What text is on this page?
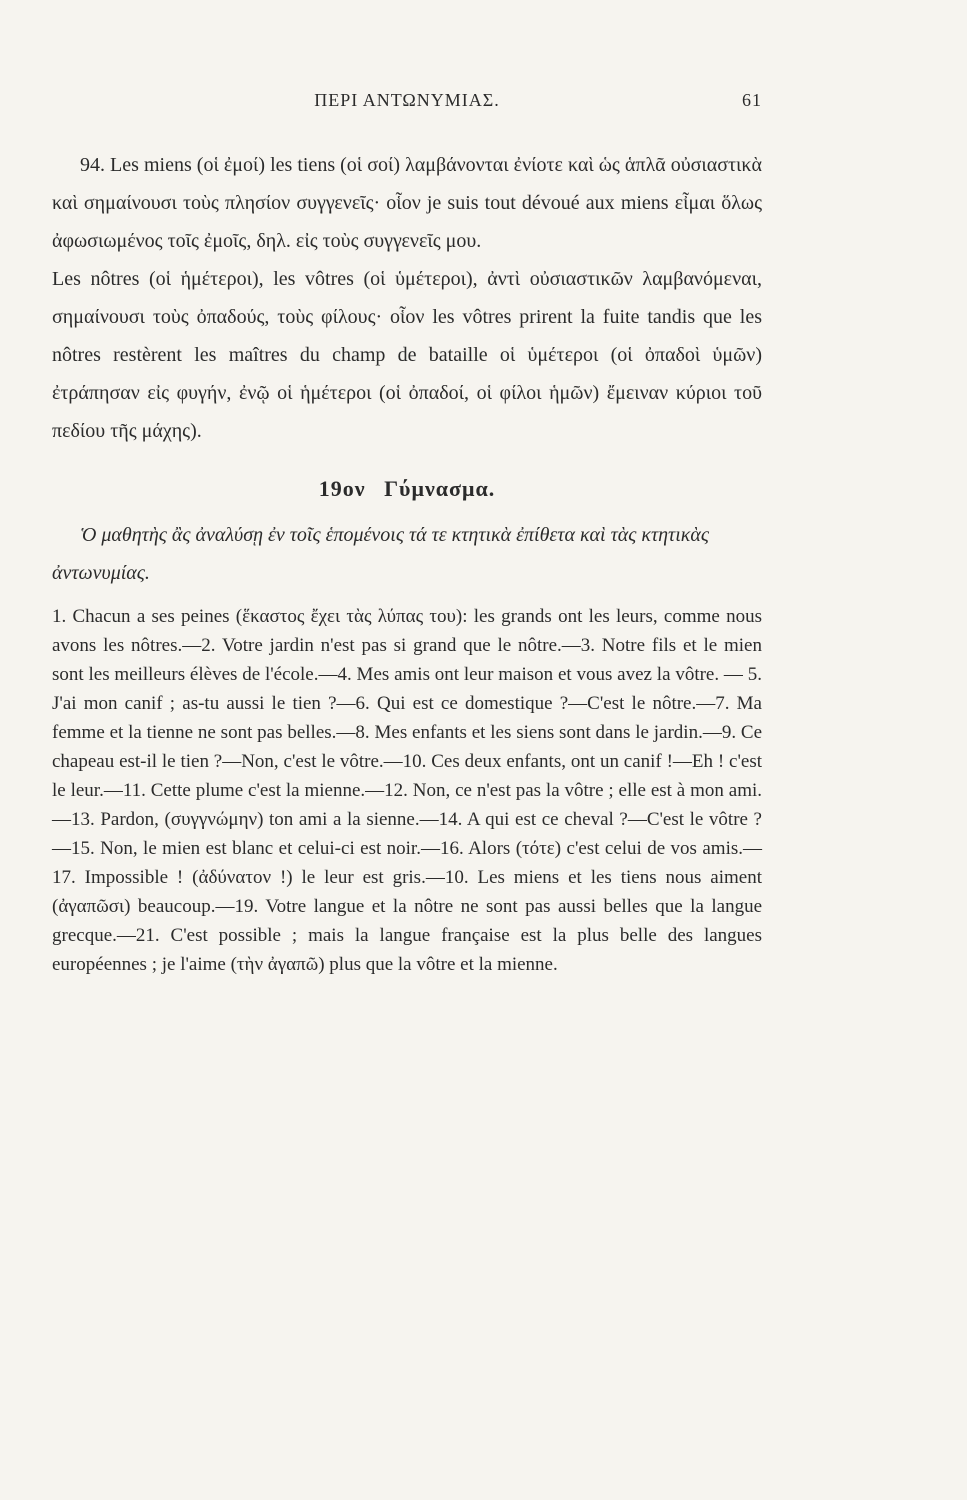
ΠΕΡΙ ΑΝΤΩΝΥΜΙΑΣ.	61

94. Les miens (οἱ ἐμοί) les tiens (οἱ σοί) λαμβάνονται ἐνίοτε καὶ ὡς ἁπλᾶ οὐσιαστικὰ καὶ σημαίνουσι τοὺς πλησίον συγγενεῖς· οἷον je suis tout dévoué aux miens εἶμαι ὅλως ἀφωσιωμένος τοῖς ἐμοῖς, δηλ. εἰς τοὺς συγγενεῖς μου.

Les nôtres (οἱ ἡμέτεροι), les vôtres (οἱ ὑμέτεροι), ἀντὶ οὐσιαστικῶν λαμβανόμεναι, σημαίνουσι τοὺς ὀπαδούς, τοὺς φίλους· οἷον les vôtres prirent la fuite tandis que les nôtres restèrent les maîtres du champ de bataille οἱ ὑμέτεροι (οἱ ὀπαδοὶ ὑμῶν) ἐτράπησαν εἰς φυγήν, ἐνῷ οἱ ἡμέτεροι (οἱ ὀπαδοί, οἱ φίλοι ἡμῶν) ἔμειναν κύριοι τοῦ πεδίου τῆς μάχης).

19ον Γύμνασμα.

Ὁ μαθητὴς ἂς ἀναλύσῃ ἐν τοῖς ἑπομένοις τά τε κτητικὰ ἐπίθετα καὶ τὰς κτητικὰς ἀντωνυμίας.

1. Chacun a ses peines (ἕκαστος ἔχει τὰς λύπας του): les grands ont les leurs, comme nous avons les nôtres.—2. Votre jardin n'est pas si grand que le nôtre.—3. Notre fils et le mien sont les meilleurs élèves de l'école.—4. Mes amis ont leur maison et vous avez la vôtre. — 5. J'ai mon canif ; as-tu aussi le tien ?—6. Qui est ce domestique ?—C'est le nôtre.—7. Ma femme et la tienne ne sont pas belles.—8. Mes enfants et les siens sont dans le jardin.—9. Ce chapeau est-il le tien ?—Non, c'est le vôtre.—10. Ces deux enfants, ont un canif !—Eh ! c'est le leur.—11. Cette plume c'est la mienne.—12. Non, ce n'est pas la vôtre ; elle est à mon ami.—13. Pardon, (συγγνώμην) ton ami a la sienne.—14. A qui est ce cheval ?—C'est le vôtre ?—15. Non, le mien est blanc et celui-ci est noir.—16. Alors (τότε) c'est celui de vos amis.—17. Impossible ! (ἀδύνατον !) le leur est gris.—10. Les miens et les tiens nous aiment (ἀγαπῶσι) beaucoup.—19. Votre langue et la nôtre ne sont pas aussi belles que la langue grecque.—21. C'est possible ; mais la langue française est la plus belle des langues européennes ; je l'aime (τὴν ἀγαπῶ) plus que la vôtre et la mienne.
